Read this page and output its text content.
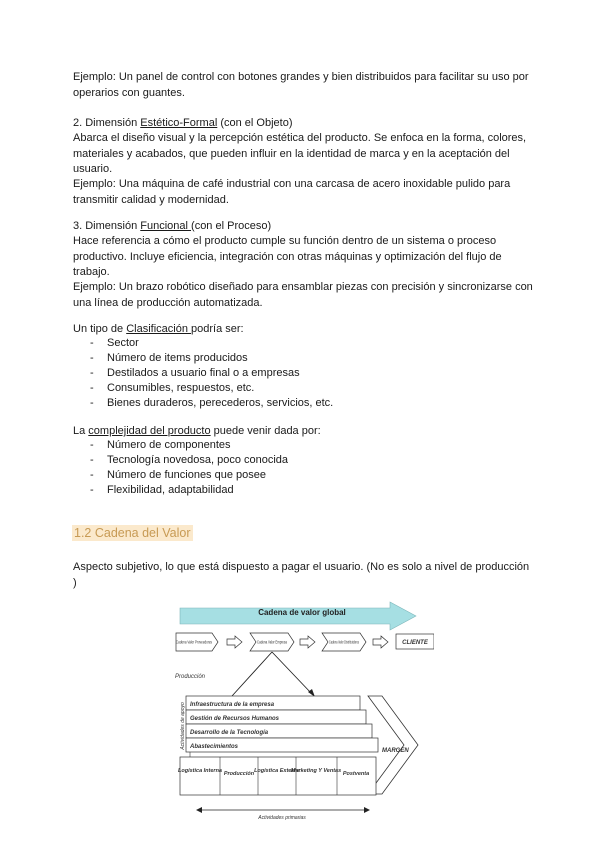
Ejemplo: Un panel de control con botones grandes y bien distribuidos para facilitar su uso por operarios con guantes.
2. Dimensión Estético-Formal (con el Objeto)
Abarca el diseño visual y la percepción estética del producto. Se enfoca en la forma, colores, materiales y acabados, que pueden influir en la identidad de marca y en la aceptación del usuario.
Ejemplo: Una máquina de café industrial con una carcasa de acero inoxidable pulido para transmitir calidad y modernidad.
3. Dimensión Funcional (con el Proceso)
Hace referencia a cómo el producto cumple su función dentro de un sistema o proceso productivo. Incluye eficiencia, integración con otras máquinas y optimización del flujo de trabajo.
Ejemplo: Un brazo robótico diseñado para ensamblar piezas con precisión y sincronizarse con una línea de producción automatizada.
Un tipo de Clasificación podría ser:
- Sector
- Número de items producidos
- Destilados a usuario final o a empresas
- Consumibles, respuestos, etc.
- Bienes duraderos, perecederos, servicios, etc.
La complejidad del producto puede venir dada por:
- Número de componentes
- Tecnología novedosa, poco conocida
- Número de funciones que posee
- Flexibilidad, adaptabilidad
1.2 Cadena del Valor
Aspecto subjetivo, lo que está dispuesto a pagar el usuario. (No es solo a nivel de producción )
Cadena de valor global
Cadena Valor Proveedores	Cadena Valor Empresa	Cadena Valor Distribuidores	CLIENTE
Producción
Actividades de apoyo Infraestructura de la empresa
Gestión de Recursos Humanos
Desarrollo de la Tecnología
Abastecimientos
MARGEN
Logística Interna Producción Logística Externa
Marketing Y Ventas Postventa
Actividades primarias
